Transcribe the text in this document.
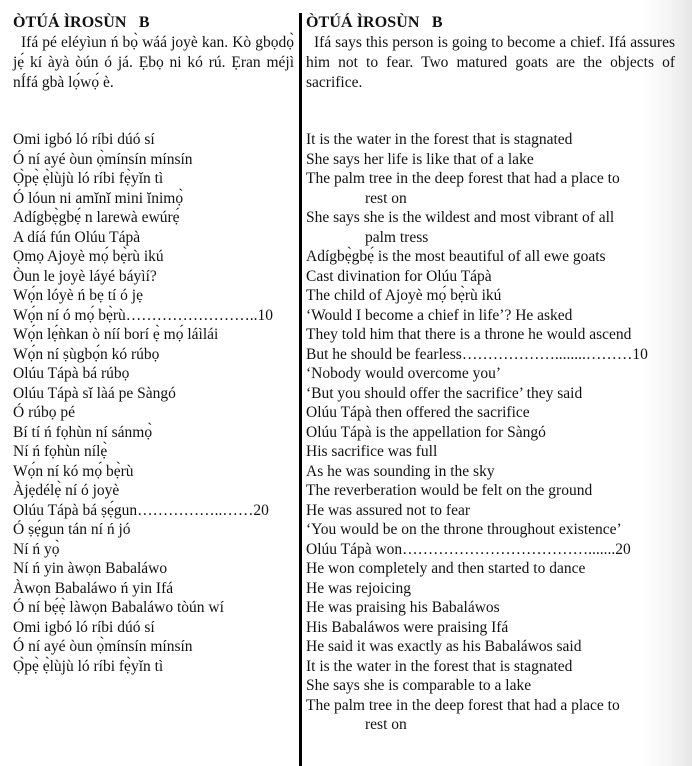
ÒTÚÁ ÌROSÙN   B

Ifá pé eléyìun ń bọ̀ wáá joyè kan. Kò gbọdọ̀ jẹ́ kí àyà òún ó já. Ẹbọ ni kó rú. Ẹran méjì nÍfá gbà lọ́wọ́ è.

Omi igbó ló ríbi dúó sí
Ó ní ayé òun ọ̀mínsín mínsín
Ọ̀pẹ̀ ẹ̀lùjù ló ríbi fẹ̀yǐn tì
Ó lóun ni amĭnĭ mini ĭnimọ̀
Adígbẹ̀gbẹ́ n larewà ewúrẹ́
A díá fún Olúu Tápà
Ọmọ Ajoyè mọ́ bẹ̀rù ikú
Òun le joyè láyé báyìí?
Wọ́n lóyè ń bẹ tí ó jẹ
Wọ́n ní ó mọ́ bẹ̀rù……………………..10
Wọ́n lẹ́ǹkan ò níí borí ẹ̀ mọ́ láìlái
Wọ́n ní ṣùgbọ́n kó rúbọ
Olúu Tápà bá rúbọ
Olúu Tápà sǐ làá pe Sàngó
Ó rúbọ pé
Bí tí ń fọhùn ní sánmọ̀
Ní ń fọhùn nílẹ̀
Wọ́n ní kó mọ́ bẹ̀rù
Àjẹdélẹ̀ ní ó joyè
Olúu Tápà bá ṣẹ́gun……………..……20
Ó ṣẹ́gun tán ní ń jó
Ní ń yọ̀
Ní ń yin àwọn Babaláwo
Àwọn Babaláwo ń yin Ifá
Ó ní bẹ́ẹ̀ làwọn Babaláwo tòún wí
Omi igbó ló ríbi dúó sí
Ó ní ayé òun ọ̀mínsín mínsín
Ọ̀pẹ̀ ẹ̀lùjù ló ríbi fẹ̀yǐn tì
ÒTÚÁ ÌROSÙN   B

Ifá says this person is going to become a chief. Ifá assures him not to fear. Two matured goats are the objects of sacrifice.

It is the water in the forest that is stagnated
She says her life is like that of a lake
The palm tree in the deep forest that had a place to
rest on
She says she is the wildest and most vibrant of all
palm tress
Adígbẹ̀gbẹ́ is the most beautiful of all ewe goats
Cast divination for Olúu Tápà
The child of Ajoyè mọ́ bẹ̀rù ikú
‘Would I become a chief in life’? He asked
They told him that there is a throne he would ascend
But he should be fearless………………........………10
‘Nobody would overcome you’
‘But you should offer the sacrifice’ they said
Olúu Tápà then offered the sacrifice
Olúu Tápà is the appellation for Sàngó
His sacrifice was full
As he was sounding in the sky
The reverberation would be felt on the ground
He was assured not to fear
‘You would be on the throne throughout existence’
Olúu Tápà won……………………………….......20
He won completely and then started to dance
He was rejoicing
He was praising his Babaláwos
His Babaláwos were praising Ifá
He said it was exactly as his Babaláwos said
It is the water in the forest that is stagnated
She says she is comparable to a lake
The palm tree in the deep forest that had a place to
rest on
